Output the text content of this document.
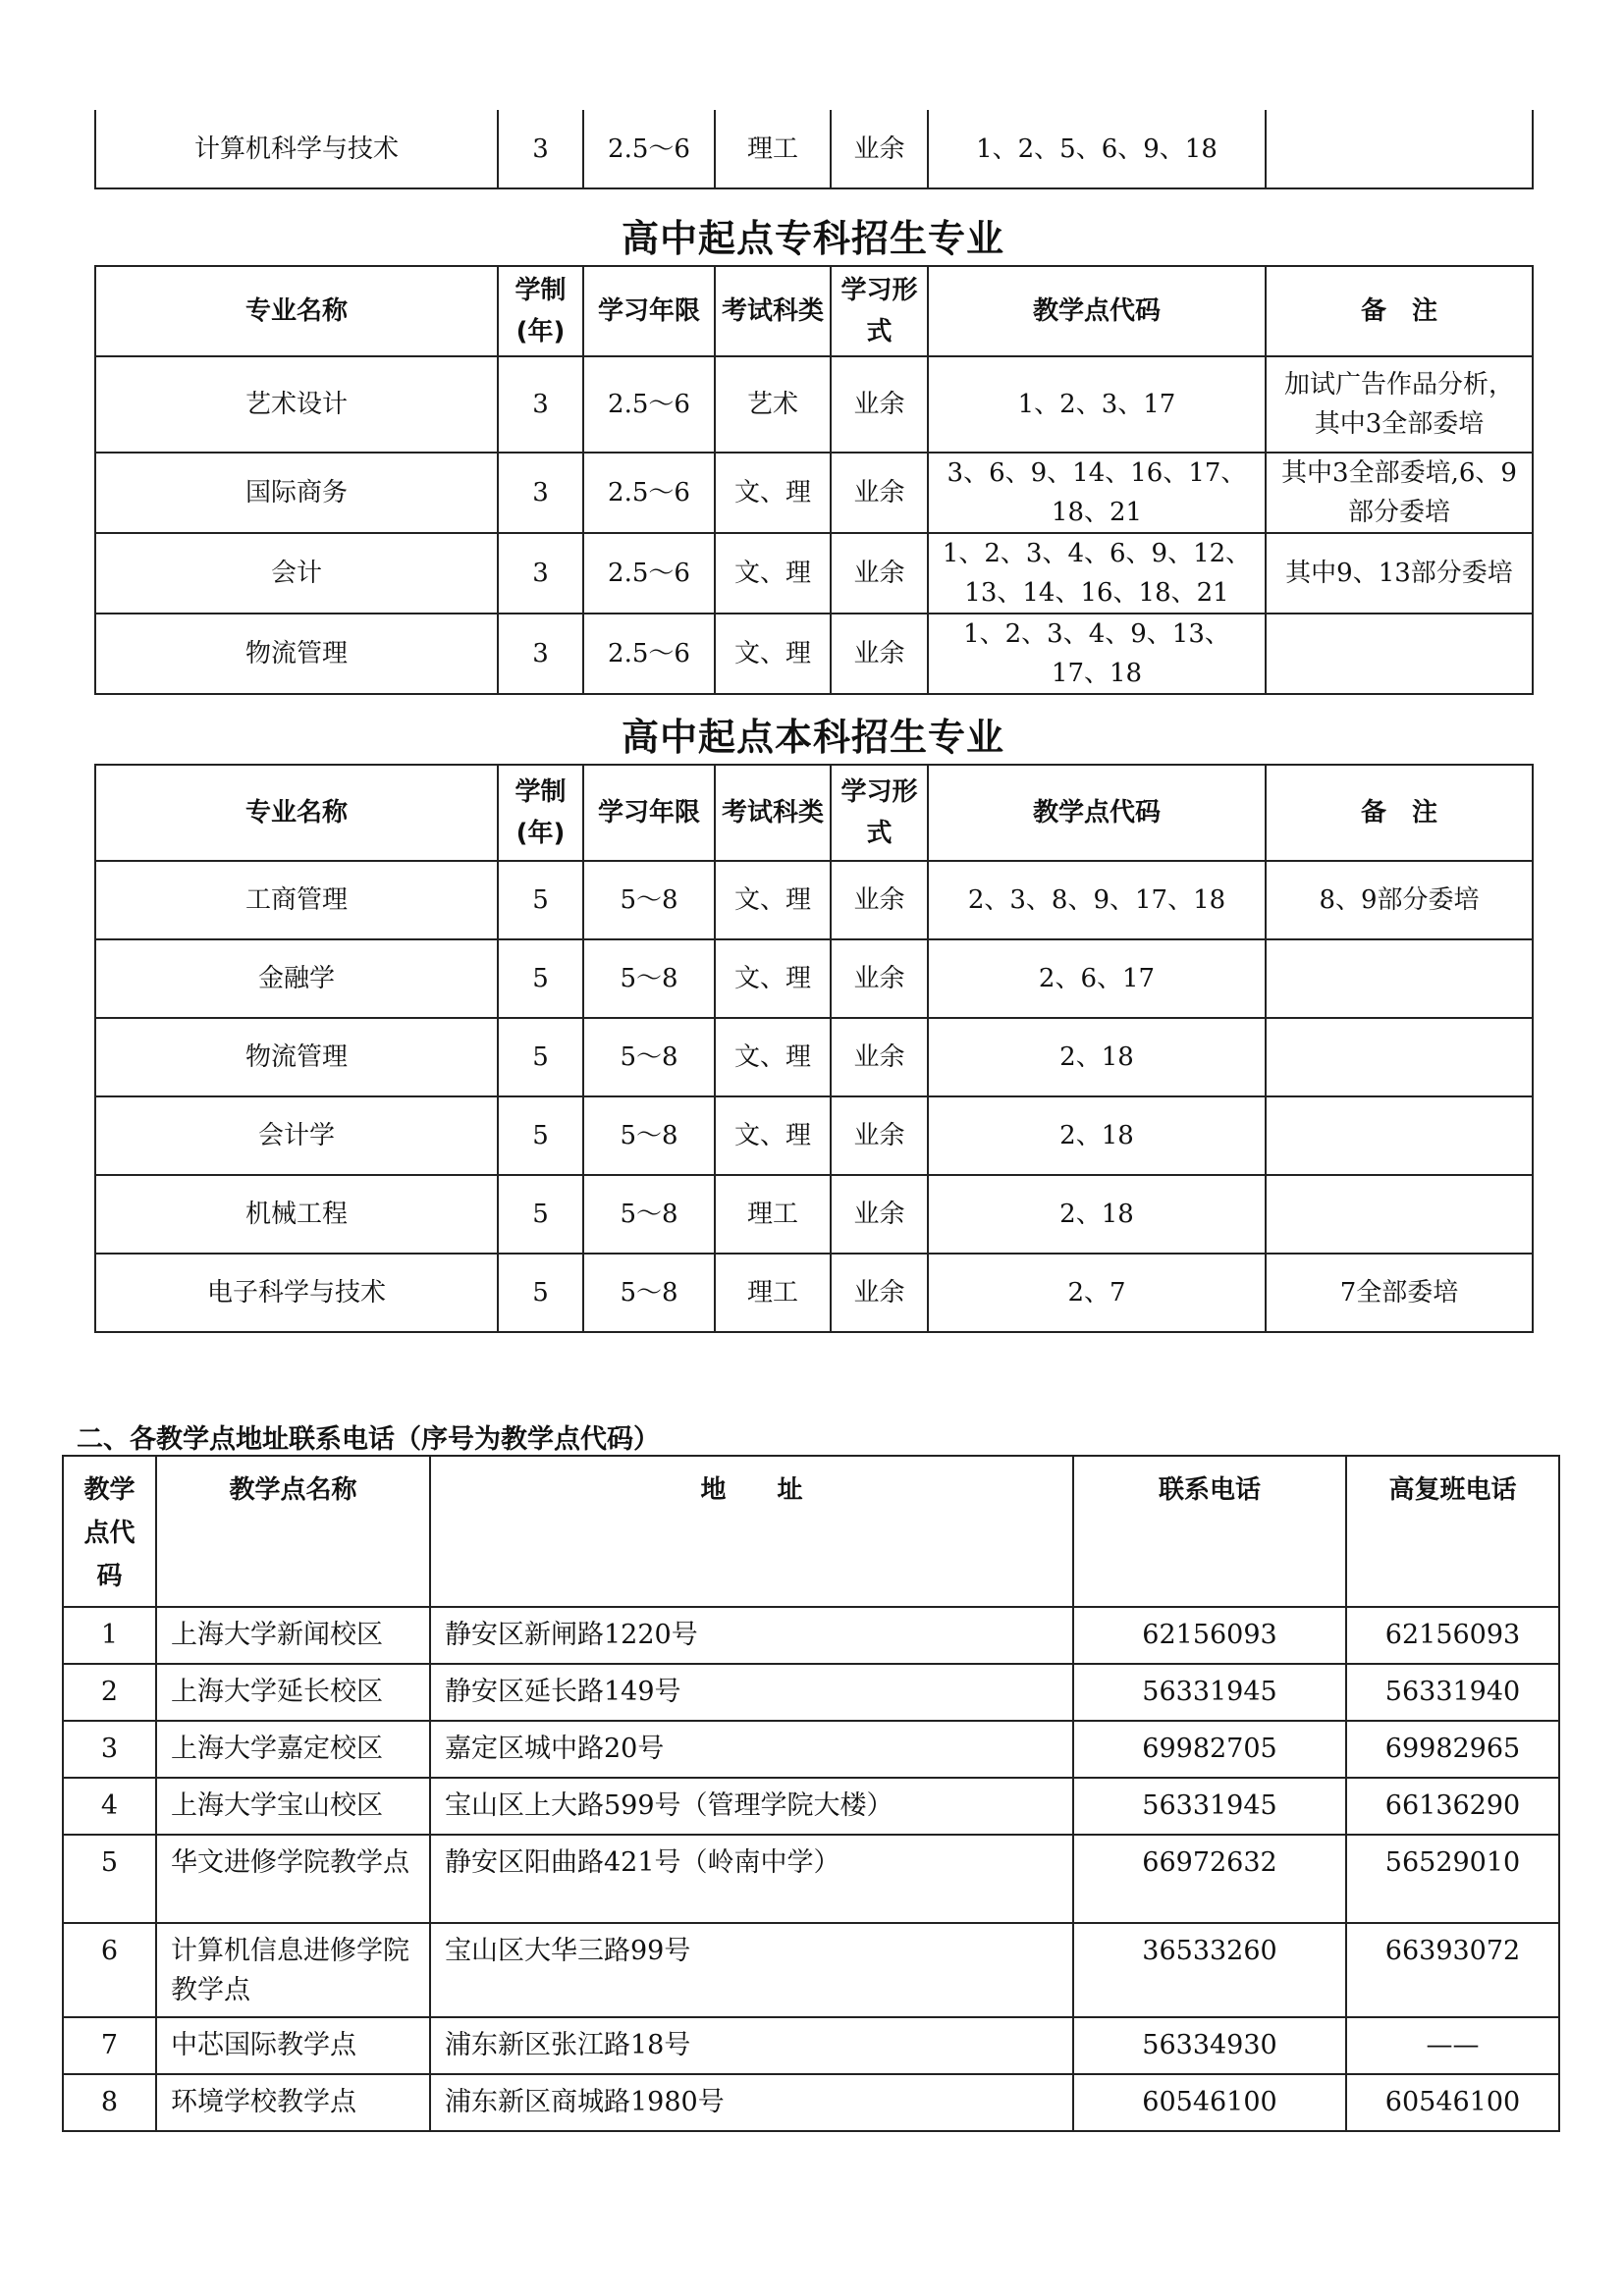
计算机科学与技术	3	2.5～6	理工	业余	1、2、5、6、9、18	
高中起点专科招生专业
专业名称	学制(年)	学习年限	考试科类	学习形式	教学点代码	备　注
艺术设计	3	2.5～6	艺术	业余	1、2、3、17	加试广告作品分析，其中3全部委培
国际商务	3	2.5～6	文、理	业余	3、6、9、14、16、17、18、21	其中3全部委培,6、9部分委培
会计	3	2.5～6	文、理	业余	1、2、3、4、6、9、12、13、14、16、18、21	其中9、13部分委培
物流管理	3	2.5～6	文、理	业余	1、2、3、4、9、13、17、18	
高中起点本科招生专业
专业名称	学制(年)	学习年限	考试科类	学习形式	教学点代码	备　注
工商管理	5	5～8	文、理	业余	2、3、8、9、17、18	8、9部分委培
金融学	5	5～8	文、理	业余	2、6、17	
物流管理	5	5～8	文、理	业余	2、18	
会计学	5	5～8	文、理	业余	2、18	
机械工程	5	5～8	理工	业余	2、18	
电子科学与技术	5	5～8	理工	业余	2、7	7全部委培
二、各教学点地址联系电话（序号为教学点代码）
教学点代码	教学点名称	地　　址	联系电话	高复班电话
1	上海大学新闻校区	静安区新闸路1220号	62156093	62156093
2	上海大学延长校区	静安区延长路149号	56331945	56331940
3	上海大学嘉定校区	嘉定区城中路20号	69982705	69982965
4	上海大学宝山校区	宝山区上大路599号（管理学院大楼）	56331945	66136290
5	华文进修学院教学点	静安区阳曲路421号（岭南中学）	66972632	56529010
6	计算机信息进修学院教学点	宝山区大华三路99号	36533260	66393072
7	中芯国际教学点	浦东新区张江路18号	56334930	——
8	环境学校教学点	浦东新区商城路1980号	60546100	60546100
